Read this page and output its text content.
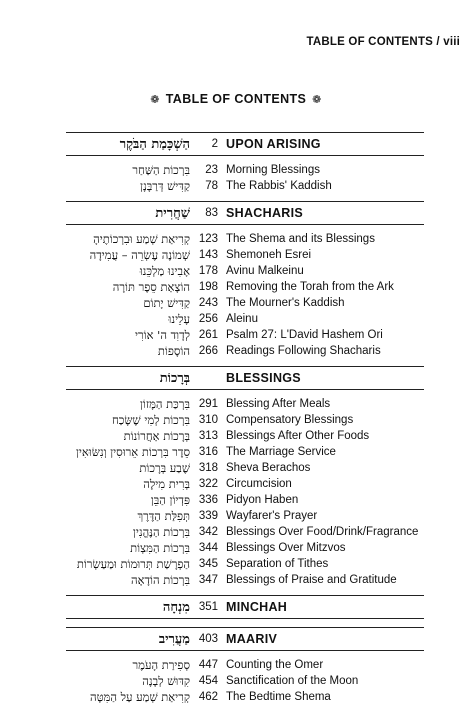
TABLE OF CONTENTS / viii
❁ TABLE OF CONTENTS ❁
הַשְׁכָּמַת הַבֹּקֶר	2 UPON ARISING
בִּרְכוֹת הַשַּׁחַר	23 Morning Blessings
קַדִּישׁ דְּרַבָּנָן	78 The Rabbis' Kaddish
שַׁחֲרִית	83 SHACHARIS
קְרִיאַת שְׁמַע וּבִרְכוֹתֶיהָ 123 The Shema and its Blessings
שְׁמוֹנֶה עֶשְׂרֵה – עֲמִידָה 143 Shemoneh Esrei
אָבִינוּ מַלְכֵּנוּ 178 Avinu Malkeinu
הוֹצָאַת סֵפֶר תּוֹרָה 198 Removing the Torah from the Ark
קַדִּישׁ יָתוֹם 243 The Mourner's Kaddish
עָלֵינוּ 256 Aleinu
לְדָוִד ה' אוֹרִי 261 Psalm 27: L'David Hashem Ori
הוֹסָפוֹת 266 Readings Following Shacharis
בְּרָכוֹת	BLESSINGS
בִּרְכַּת הַמָּזוֹן 291 Blessing After Meals
בִּרְכוֹת לְמִי שֶׁשָּׂכַח 310 Compensatory Blessings
בְּרָכוֹת אַחֲרוֹנוֹת 313 Blessings After Other Foods
סֵדֶר בִּרְכוֹת אֵרוּסִין וְנִשּׂוּאִין 316 The Marriage Service
שֶׁבַע בְּרָכוֹת 318 Sheva Berachos
בְּרִית מִילָה 322 Circumcision
פִּדְיוֹן הַבֵּן 336 Pidyon Haben
תְּפִלַּת הַדֶּרֶךְ 339 Wayfarer's Prayer
בִּרְכוֹת הַנֶּהֱנִין 342 Blessings Over Food/Drink/Fragrance
בִּרְכוֹת הַמִּצְוֹת 344 Blessings Over Mitzvos
הַפְרָשַׁת תְּרוּמוֹת וּמַעַשְׂרוֹת 345 Separation of Tithes
בִּרְכוֹת הוֹדָאָה 347 Blessings of Praise and Gratitude
מִנְחָה 351 MINCHAH
מַעֲרִיב 403 MAARIV
סְפִירַת הָעֹמֶר 447 Counting the Omer
קִדּוּשׁ לְבָנָה 454 Sanctification of the Moon
קְרִיאַת שְׁמַע עַל הַמִּטָּה 462 The Bedtime Shema
